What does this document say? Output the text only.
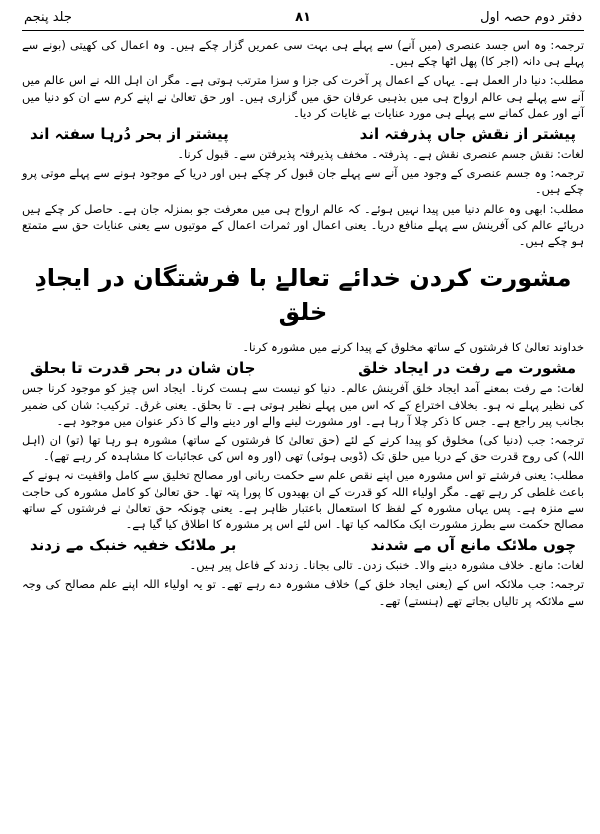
دفتر دوم حصہ اول
۸۱
جلد پنجم

ترجمہ: وہ اس جسد عنصری (میں آنے) سے پہلے ہی بہت سی عمریں گزار چکے ہیں۔ وہ اعمال کی کھیتی (بونے سے پہلے ہی دانہ (اجر کا) پھل اٹھا چکے ہیں۔

مطلب: دنیا دار العمل ہے۔ یہاں کے اعمال پر آخرت کی جزا و سزا مترتب ہوتی ہے۔ مگر ان اہل اللہ نے اس عالم میں آنے سے پہلے ہی عالم ارواح ہی میں بذہبی عرفان حق میں گزاری ہیں۔ اور حق تعالیٰ نے اپنے کرم سے ان کو دنیا میں آنے اور عمل کمانے سے پہلے ہی مورد عنایات بے غایات کر دیا۔

پیشتر از نقش جاں پذرفتہ اند
پیشتر از بحر دُرہا سفتہ اند

لغات: نقش جسم عنصری نقش ہے۔ پذرفتہ۔ مخفف پذیرفتہ پذیرفتن سے۔ قبول کرنا۔

ترجمہ: وہ جسم عنصری کے وجود میں آنے سے پہلے جان قبول کر چکے ہیں اور دریا کے موجود ہونے سے پہلے موتی پرو چکے ہیں۔

مطلب: ابھی وہ عالم دنیا میں پیدا نہیں ہوئے۔ کہ عالم ارواح ہی میں معرفت جو بمنزلہ جان ہے۔ حاصل کر چکے ہیں دریائے عالم کی آفرینش سے پہلے منافع دریا۔ یعنی اعمال اور ثمرات اعمال کے موتیوں سے یعنی عنایات حق سے متمتع ہو چکے ہیں۔

مشورت کردن خدائے تعالےٰ با فرشتگان در ایجادِ خلق

خداوند تعالیٰ کا فرشتوں کے ساتھ مخلوق کے پیدا کرنے میں مشورہ کرنا۔

مشورت مے رفت در ایجاد خلق
جان شان در بحر قدرت تا بحلق

لغات: مے رفت بمعنے آمد ایجاد خلق آفرینش عالم۔ دنیا کو نیست سے ہست کرنا۔ ایجاد اس چیز کو موجود کرنا جس کی نظیر پہلے نہ ہو۔ بخلاف اختراع کے کہ اس میں پہلے نظیر ہوتی ہے۔ تا بحلق۔ یعنی غرق۔ ترکیب: شان کی ضمیر بجانب پیر راجع ہے۔ جس کا ذکر چلا آ رہا ہے۔ اور مشورت لینے والے اور دینے والے کا ذکر عنوان میں موجود ہے۔

ترجمہ: جب (دنیا کی) مخلوق کو پیدا کرنے کے لئے (حق تعالیٰ کا فرشتوں کے ساتھ) مشورہ ہو رہا تھا (تو) ان (اہل اللہ) کی روح قدرت حق کے دریا میں حلق تک (ڈوبی ہوئی) تھی (اور وہ اس کی عجائبات کا مشاہدہ کر رہے تھے)۔

مطلب: یعنی فرشتے تو اس مشورہ میں اپنے نقص علم سے حکمت ربانی اور مصالح تخلیق سے کامل واقفیت نہ ہونے کے باعث غلطی کر رہے تھے۔ مگر اولیاء اللہ کو قدرت کے ان بھیدوں کا پورا پتہ تھا۔ حق تعالیٰ کو کامل مشورہ کی حاجت سے منزہ ہے۔ پس یہاں مشورہ کے لفظ کا استعمال باعتبار ظاہر ہے۔ یعنی چونکہ حق تعالیٰ نے فرشتوں کے ساتھ مصالح حکمت سے بطرز مشورت ایک مکالمہ کیا تھا۔ اس لئے اس پر مشورہ کا اطلاق کیا گیا ہے۔

چوں ملائک مانع آں مے شدند
بر ملائک خفیہ خنبک مے زدند

لغات: مانع۔ خلاف مشورہ دینے والا۔ خنبک زدن۔ تالی بجانا۔ زدند کے فاعل پیر ہیں۔

ترجمہ: جب ملائکہ اس کے (یعنی ایجاد خلق کے) خلاف مشورہ دے رہے تھے۔ تو یہ اولیاء اللہ اپنے علم مصالح کی وجہ سے ملائکہ پر تالیاں بجاتے تھے (ہنستے) تھے۔
